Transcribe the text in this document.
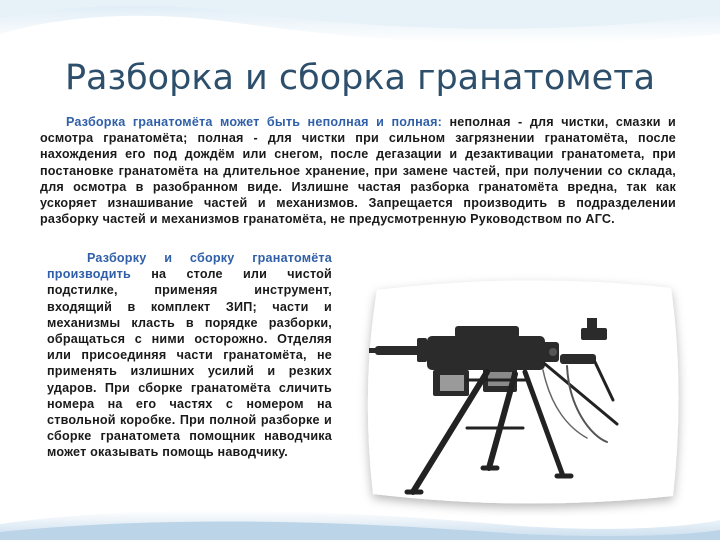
Разборка и сборка гранатомета

Разборка гранатомёта может быть неполная и полная: неполная - для чистки, смазки и осмотра гранатомёта; полная - для чистки при сильном загрязнении гранатомёта, после нахождения его под дождём или снегом, после дегазации и дезактивации гранатомета, при постановке гранатомёта на длительное хранение, при замене частей, при получении со склада, для осмотра в разобранном виде. Излишне частая разборка гранатомёта вредна, так как ускоряет изнашивание частей и механизмов. Запрещается производить в подразделении разборку частей и механизмов гранатомёта, не предусмотренную Руководством по АГС.

Разборку и сборку гранатомёта производить на столе или чистой подстилке, применяя инструмент, входящий в комплект ЗИП; части и механизмы класть в порядке разборки, обращаться с ними осторожно. Отделяя или присоединяя части гранатомёта, не применять излишних усилий и резких ударов. При сборке гранатомёта сличить номера на его частях с номером на ствольной коробке. При полной разборке и сборке гранатомета помощник наводчика может оказывать помощь наводчику.
